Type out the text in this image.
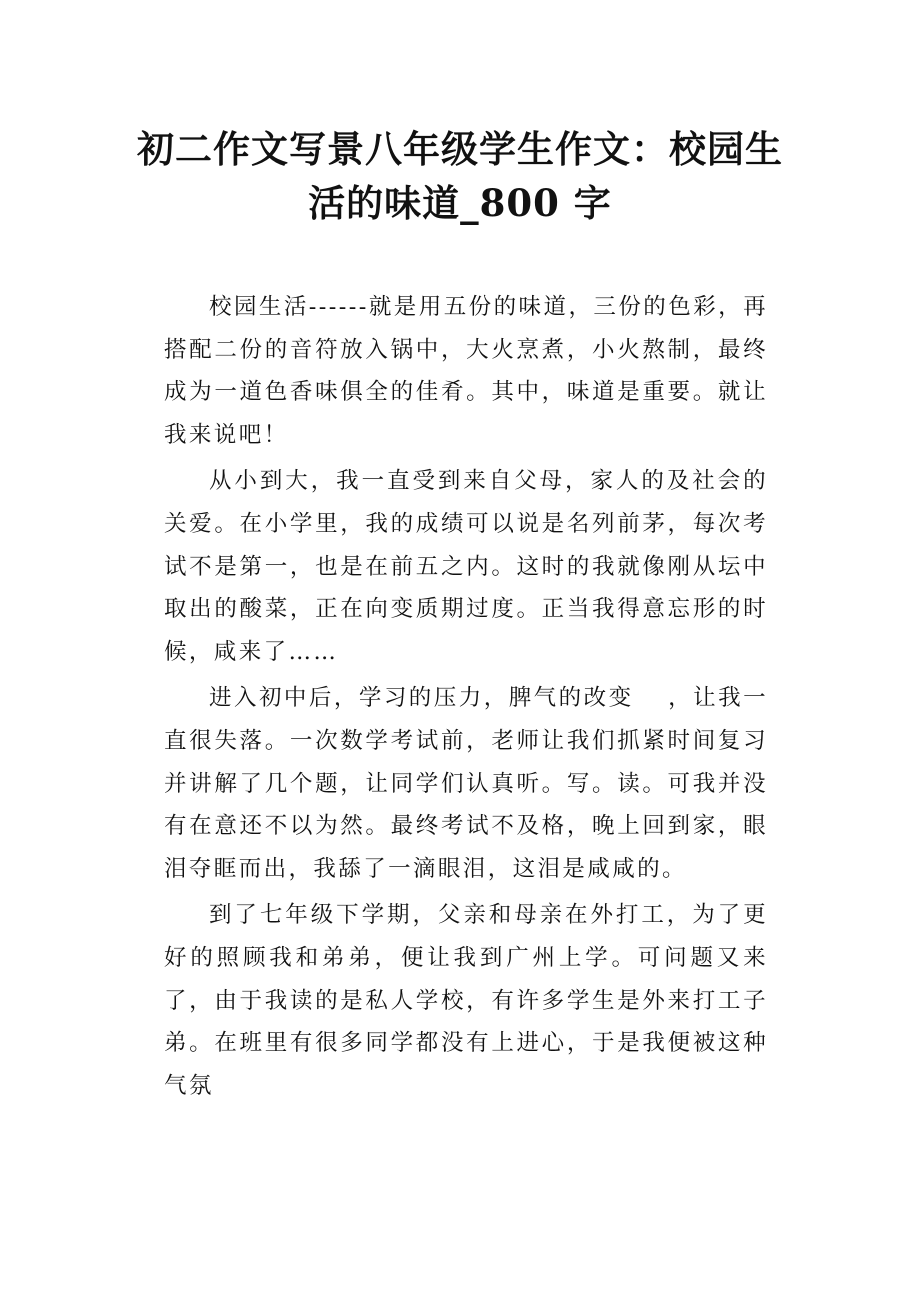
初二作文写景八年级学生作文：校园生活的味道_800 字

校园生活------就是用五份的味道，三份的色彩，再搭配二份的音符放入锅中，大火烹煮，小火熬制，最终成为一道色香味俱全的佳肴。其中，味道是重要。就让我来说吧！

从小到大，我一直受到来自父母，家人的及社会的关爱。在小学里，我的成绩可以说是名列前茅，每次考试不是第一，也是在前五之内。这时的我就像刚从坛中取出的酸菜，正在向变质期过度。正当我得意忘形的时候，咸来了……

进入初中后，学习的压力，脾气的改变　 ，让我一直很失落。一次数学考试前，老师让我们抓紧时间复习并讲解了几个题，让同学们认真听。写。读。可我并没有在意还不以为然。最终考试不及格，晚上回到家，眼泪夺眶而出，我舔了一滴眼泪，这泪是咸咸的。

到了七年级下学期，父亲和母亲在外打工，为了更好的照顾我和弟弟，便让我到广州上学。可问题又来了，由于我读的是私人学校，有许多学生是外来打工子弟。在班里有很多同学都没有上进心，于是我便被这种气氛
